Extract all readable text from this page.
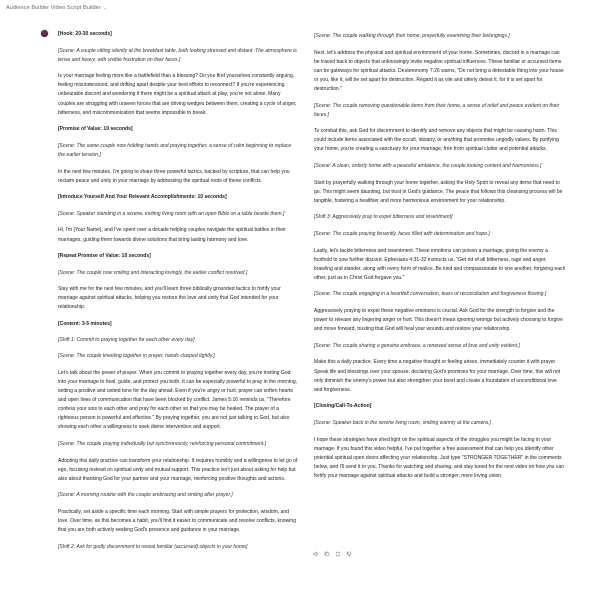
Audience Builder Video Script Builder ⌄

[Hook: 20-30 seconds]

[Scene: A couple sitting silently at the breakfast table, both looking stressed and distant. The atmosphere is tense and heavy, with visible frustration on their faces.]

Is your marriage feeling more like a battlefield than a blessing? Do you find yourselves constantly arguing, feeling misunderstood, and drifting apart despite your best efforts to reconnect? If you're experiencing unbearable discord and wondering if there might be a spiritual attack at play, you're not alone. Many couples are struggling with unseen forces that are driving wedges between them, creating a cycle of anger, bitterness, and miscommunication that seems impossible to break.

[Promise of Value: 10 seconds]

[Scene: The same couple now holding hands and praying together, a sense of calm beginning to replace the earlier tension.]

In the next few minutes, I'm going to share three powerful tactics, backed by scripture, that can help you reclaim peace and unity in your marriage by addressing the spiritual roots of these conflicts.

[Introduce Yourself And Your Relevant Accomplishments: 10 seconds]

[Scene: Speaker standing in a serene, inviting living room with an open Bible on a table beside them.]

Hi, I'm [Your Name], and I've spent over a decade helping couples navigate the spiritual battles in their marriages, guiding them towards divine solutions that bring lasting harmony and love.

[Repeat Promise of Value: 10 seconds]

[Scene: The couple now smiling and interacting lovingly, the earlier conflict resolved.]

Stay with me for the next few minutes, and you'll learn three biblically grounded tactics to fortify your marriage against spiritual attacks, helping you restore the love and unity that God intended for your relationship.

[Content: 3-5 minutes]

[Shift 1: Commit to praying together for each other every day]

[Scene: The couple kneeling together in prayer, hands clasped tightly.]

Let's talk about the power of prayer. When you commit to praying together every day, you're inviting God into your marriage to heal, guide, and protect you both. It can be especially powerful to pray in the morning, setting a positive and united tone for the day ahead. Even if you're angry or hurt, prayer can soften hearts and open lines of communication that have been blocked by conflict. James 5:16 reminds us, "Therefore confess your sins to each other and pray for each other so that you may be healed. The prayer of a righteous person is powerful and effective." By praying together, you are not just talking to God, but also showing each other a willingness to seek divine intervention and support.

[Scene: The couple praying individually but synchronously, reinforcing personal commitment.]

Adopting this daily practice can transform your relationship. It requires humility and a willingness to let go of ego, focusing instead on spiritual unity and mutual support. This practice isn't just about asking for help but also about thanking God for your partner and your marriage, reinforcing positive thoughts and actions.

[Scene: A morning routine with the couple embracing and smiling after prayer.]

Practically, set aside a specific time each morning. Start with simple prayers for protection, wisdom, and love. Over time, as this becomes a habit, you'll find it easier to communicate and resolve conflicts, knowing that you are both actively seeking God's presence and guidance in your marriage.

[Shift 2: Ask for godly discernment to reveal familiar (accursed) objects in your home]

[Scene: The couple walking through their home, prayerfully examining their belongings.]

Next, let's address the physical and spiritual environment of your home. Sometimes, discord in a marriage can be traced back to objects that unknowingly invite negative spiritual influences. These familiar or accursed items can be gateways for spiritual attacks. Deuteronomy 7:26 warns, "Do not bring a detestable thing into your house or you, like it, will be set apart for destruction. Regard it as vile and utterly detest it, for it is set apart for destruction."

[Scene: The couple removing questionable items from their home, a sense of relief and peace evident on their faces.]

To combat this, ask God for discernment to identify and remove any objects that might be causing harm. This could include items associated with the occult, idolatry, or anything that promotes ungodly values. By purifying your home, you're creating a sanctuary for your marriage, free from spiritual clutter and potential attacks.

[Scene: A clean, orderly home with a peaceful ambiance, the couple looking content and harmonious.]

Start by prayerfully walking through your home together, asking the Holy Spirit to reveal any items that need to go. This might seem daunting, but trust in God's guidance. The peace that follows this cleansing process will be tangible, fostering a healthier and more harmonious environment for your relationship.

[Shift 3: Aggressively pray to expel bitterness and resentment]

[Scene: The couple praying fervently, faces filled with determination and hope.]

Lastly, let's tackle bitterness and resentment. These emotions can poison a marriage, giving the enemy a foothold to sow further discord. Ephesians 4:31-32 instructs us, "Get rid of all bitterness, rage and anger, brawling and slander, along with every form of malice. Be kind and compassionate to one another, forgiving each other, just as in Christ God forgave you."

[Scene: The couple engaging in a heartfelt conversation, tears of reconciliation and forgiveness flowing.]

Aggressively praying to expel these negative emotions is crucial. Ask God for the strength to forgive and the power to release any lingering anger or hurt. This doesn't mean ignoring wrongs but actively choosing to forgive and move forward, trusting that God will heal your wounds and restore your relationship.

[Scene: The couple sharing a genuine embrace, a renewed sense of love and unity evident.]

Make this a daily practice. Every time a negative thought or feeling arises, immediately counter it with prayer. Speak life and blessings over your spouse, declaring God's promises for your marriage. Over time, this will not only diminish the enemy's power but also strengthen your bond and create a foundation of unconditional love and forgiveness.

[Closing/Call-To-Action]

[Scene: Speaker back in the serene living room, smiling warmly at the camera.]

I hope these strategies have shed light on the spiritual aspects of the struggles you might be facing in your marriage. If you found this video helpful, I've put together a free assessment that can help you identify other potential spiritual open doors affecting your relationship. Just type "STRONGER TOGETHER" in the comments below, and I'll send it to you. Thanks for watching and sharing, and stay tuned for the next video on how you can fortify your marriage against spiritual attacks and build a stronger, more loving union.
